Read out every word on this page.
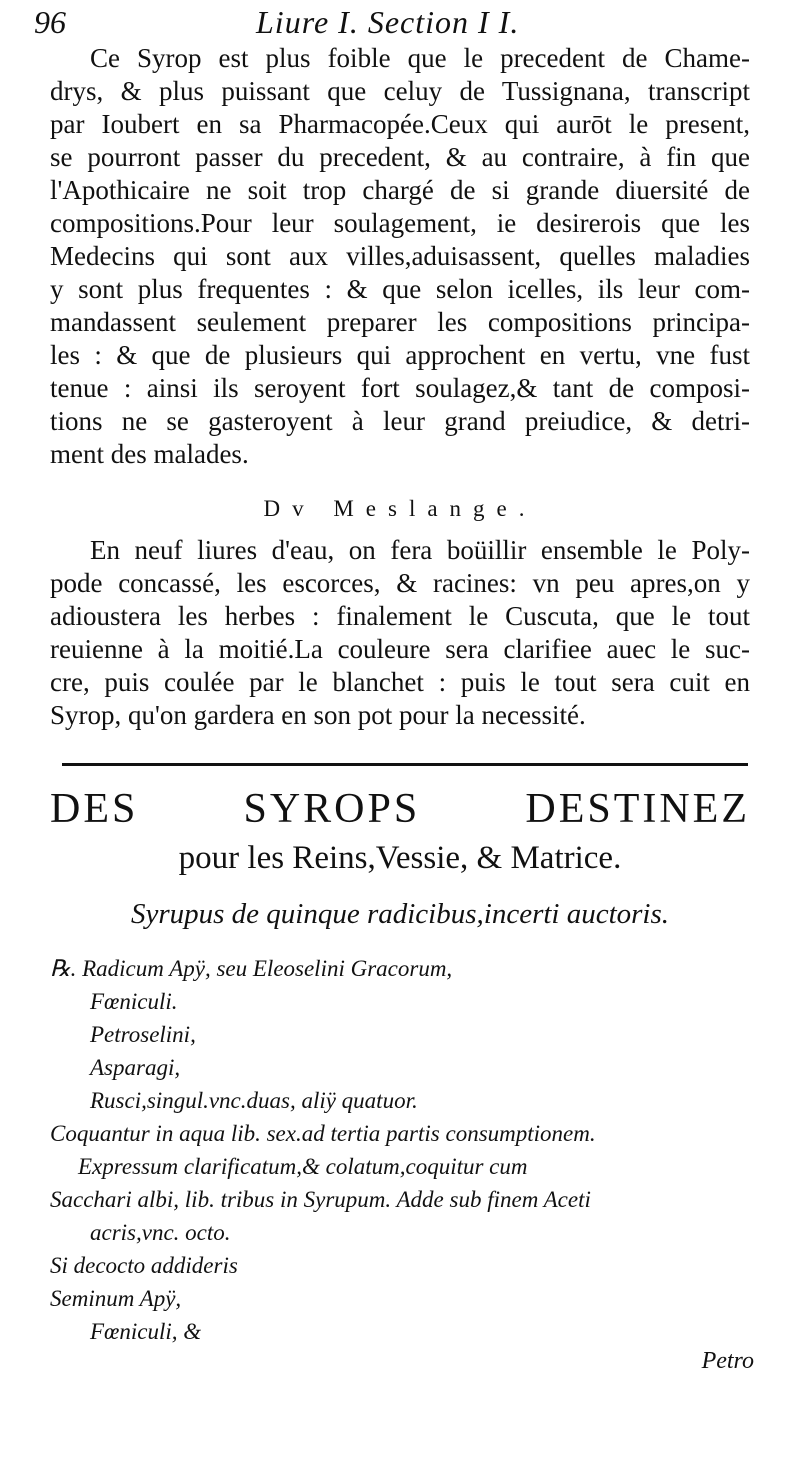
96	Liure I. Section I I.
Ce Syrop est plus foible que le precedent de Chame-
drys, & plus puissant que celuy de Tussignana, transcript
par Ioubert en sa Pharmacopée.Ceux qui aurōt le present,
se pourront passer du precedent, & au contraire, à fin que
l'Apothicaire ne soit trop chargé de si grande diuersité de
compositions.Pour leur soulagement, ie desirerois que les
Medecins qui sont aux villes,aduisassent, quelles maladies
y sont plus frequentes : & que selon icelles, ils leur com-
mandassent seulement preparer les compositions principa-
les : & que de plusieurs qui approchent en vertu, vne fust
tenue : ainsi ils seroyent fort soulagez,& tant de composi-
tions ne se gasteroyent à leur grand preiudice, & detri-
ment des malades.
Dv Meslange.
En neuf liures d'eau, on fera boüillir ensemble le Poly-
pode concassé, les escorces, & racines: vn peu apres,on y
adioustera les herbes : finalement le Cuscuta, que le tout
reuienne à la moitié.La couleure sera clarifiee auec le suc-
cre, puis coulée par le blanchet : puis le tout sera cuit en
Syrop, qu'on gardera en son pot pour la necessité.
DES SYROPS DESTINEZ
pour les Reins,Vessie, & Matrice.
Syrupus de quinque radicibus,incerti auctoris.
℞. Radicum Apÿ, seu Eleoselini Gracorum,
Fœniculi.
Petroselini,
Asparagi,
Rusci,singul.vnc.duas, aliÿ quatuor.
Coquantur in aqua lib. sex.ad tertia partis consumptionem.
Expressum clarificatum,& colatum,coquitur cum
Sacchari albi, lib. tribus in Syrupum. Adde sub finem Aceti
acris,vnc. octo.
Si decocto addideris
Seminum Apÿ,
Fœniculi, &
Petro
